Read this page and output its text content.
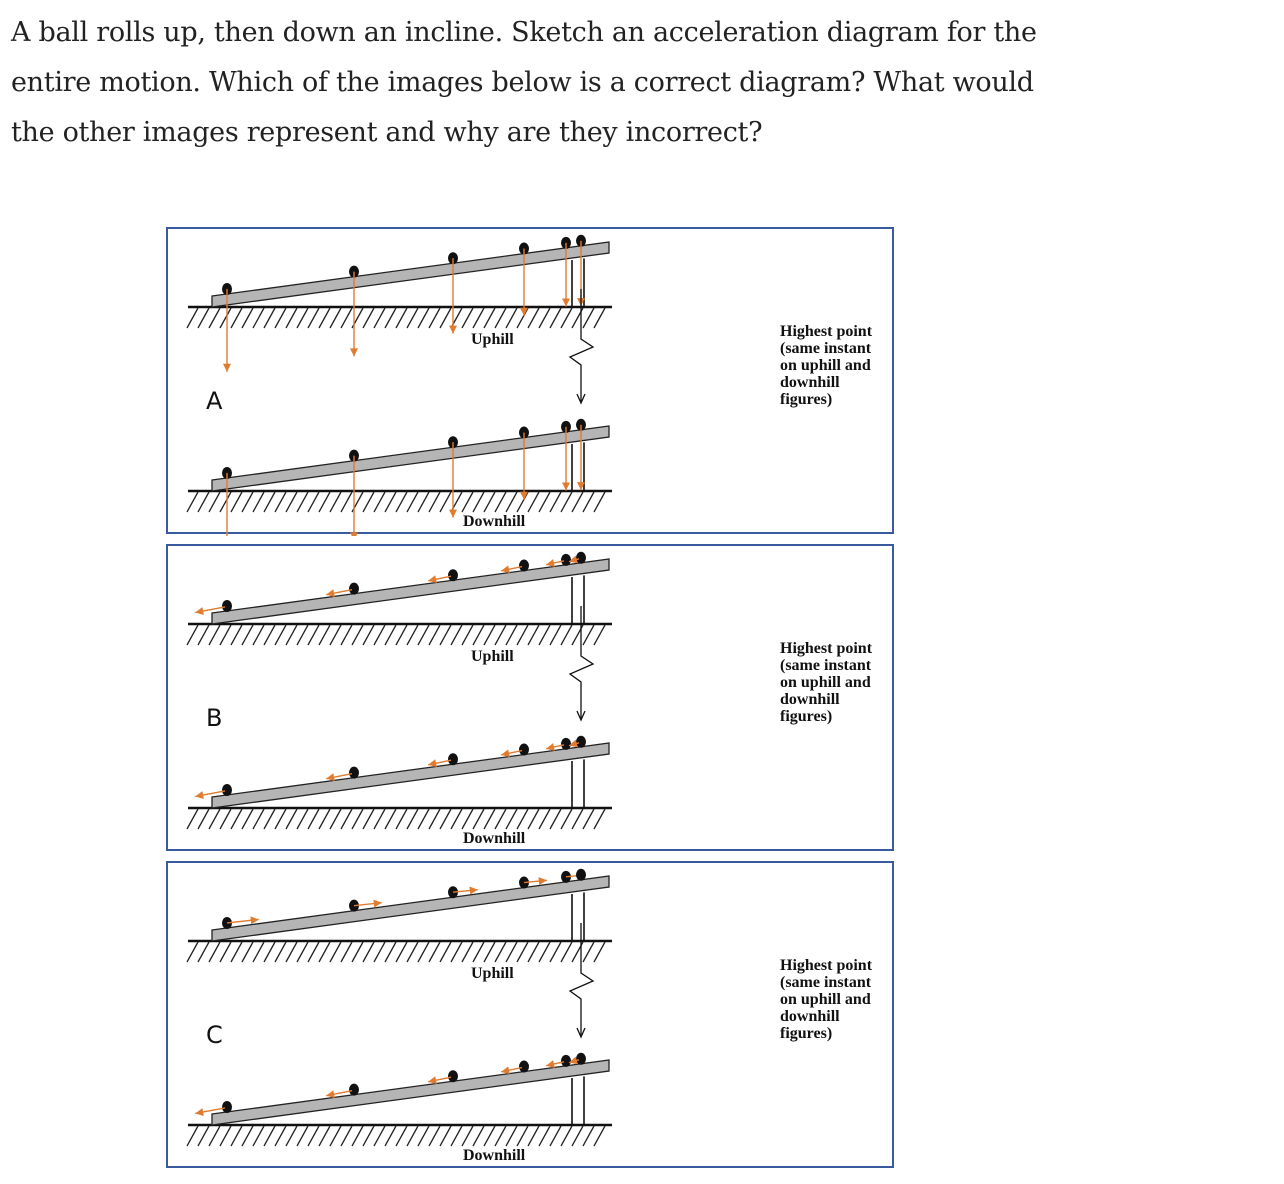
A ball rolls up, then down an incline. Sketch an acceleration diagram for the entire motion. Which of the images below is a correct diagram? What would the other images represent and why are they incorrect?
A
Uphill
Downhill
Highest point (same instant on uphill and downhill figures)
B
Uphill
Downhill
Highest point (same instant on uphill and downhill figures)
C
Uphill
Downhill
Highest point (same instant on uphill and downhill figures)
